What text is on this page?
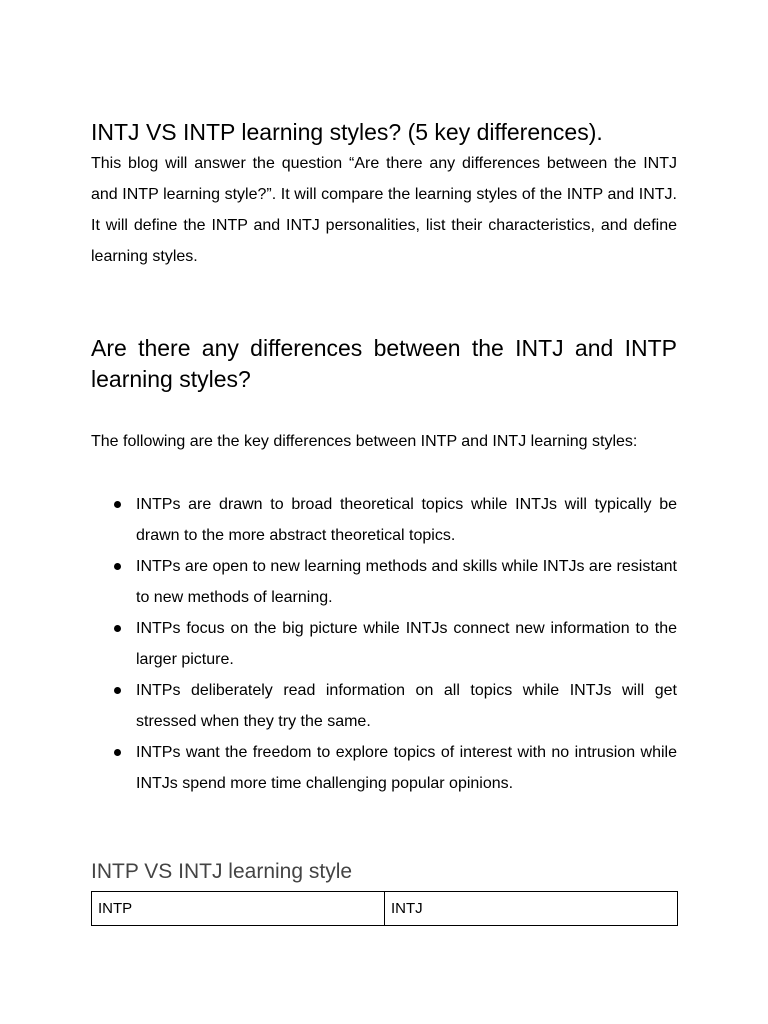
INTJ VS INTP learning styles? (5 key differences).

This blog will answer the question “Are there any differences between the INTJ and INTP learning style?”. It will compare the learning styles of the INTP and INTJ. It will define the INTP and INTJ personalities, list their characteristics, and define learning styles.

Are there any differences between the INTJ and INTP learning styles?

The following are the key differences between INTP and INTJ learning styles:

INTPs are drawn to broad theoretical topics while INTJs will typically be drawn to the more abstract theoretical topics.
INTPs are open to new learning methods and skills while INTJs are resistant to new methods of learning.
INTPs focus on the big picture while INTJs connect new information to the larger picture.
INTPs deliberately read information on all topics while INTJs will get stressed when they try the same.
INTPs want the freedom to explore topics of interest with no intrusion while INTJs spend more time challenging popular opinions.
INTP VS INTJ learning style
INTP	INTJ
